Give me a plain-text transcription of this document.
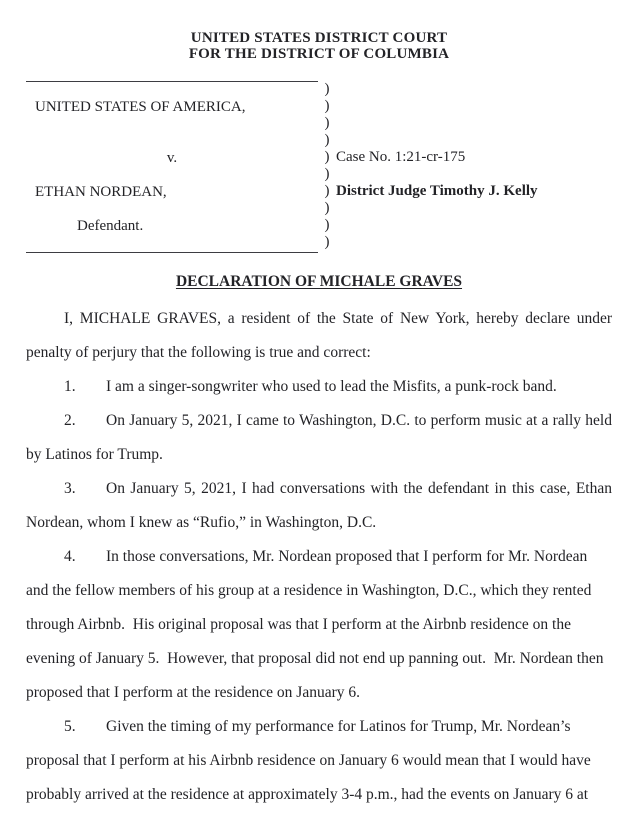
UNITED STATES DISTRICT COURT
FOR THE DISTRICT OF COLUMBIA
UNITED STATES OF AMERICA,
v.
ETHAN NORDEAN,
Defendant.
)
)
)
)
)
)
)
)
)
)
Case No. 1:21-cr-175
District Judge Timothy J. Kelly
DECLARATION OF MICHALE GRAVES

I, MICHALE GRAVES, a resident of the State of New York, hereby declare under penalty of perjury that the following is true and correct:

1. I am a singer-songwriter who used to lead the Misfits, a punk-rock band.

2. On January 5, 2021, I came to Washington, D.C. to perform music at a rally held by Latinos for Trump.

3. On January 5, 2021, I had conversations with the defendant in this case, Ethan Nordean, whom I knew as “Rufio,” in Washington, D.C.

4. In those conversations, Mr. Nordean proposed that I perform for Mr. Nordean and the fellow members of his group at a residence in Washington, D.C., which they rented through Airbnb.  His original proposal was that I perform at the Airbnb residence on the evening of January 5.  However, that proposal did not end up panning out.  Mr. Nordean then proposed that I perform at the residence on January 6.

5. Given the timing of my performance for Latinos for Trump, Mr. Nordean’s proposal that I perform at his Airbnb residence on January 6 would mean that I would have probably arrived at the residence at approximately 3-4 p.m., had the events on January 6 at
